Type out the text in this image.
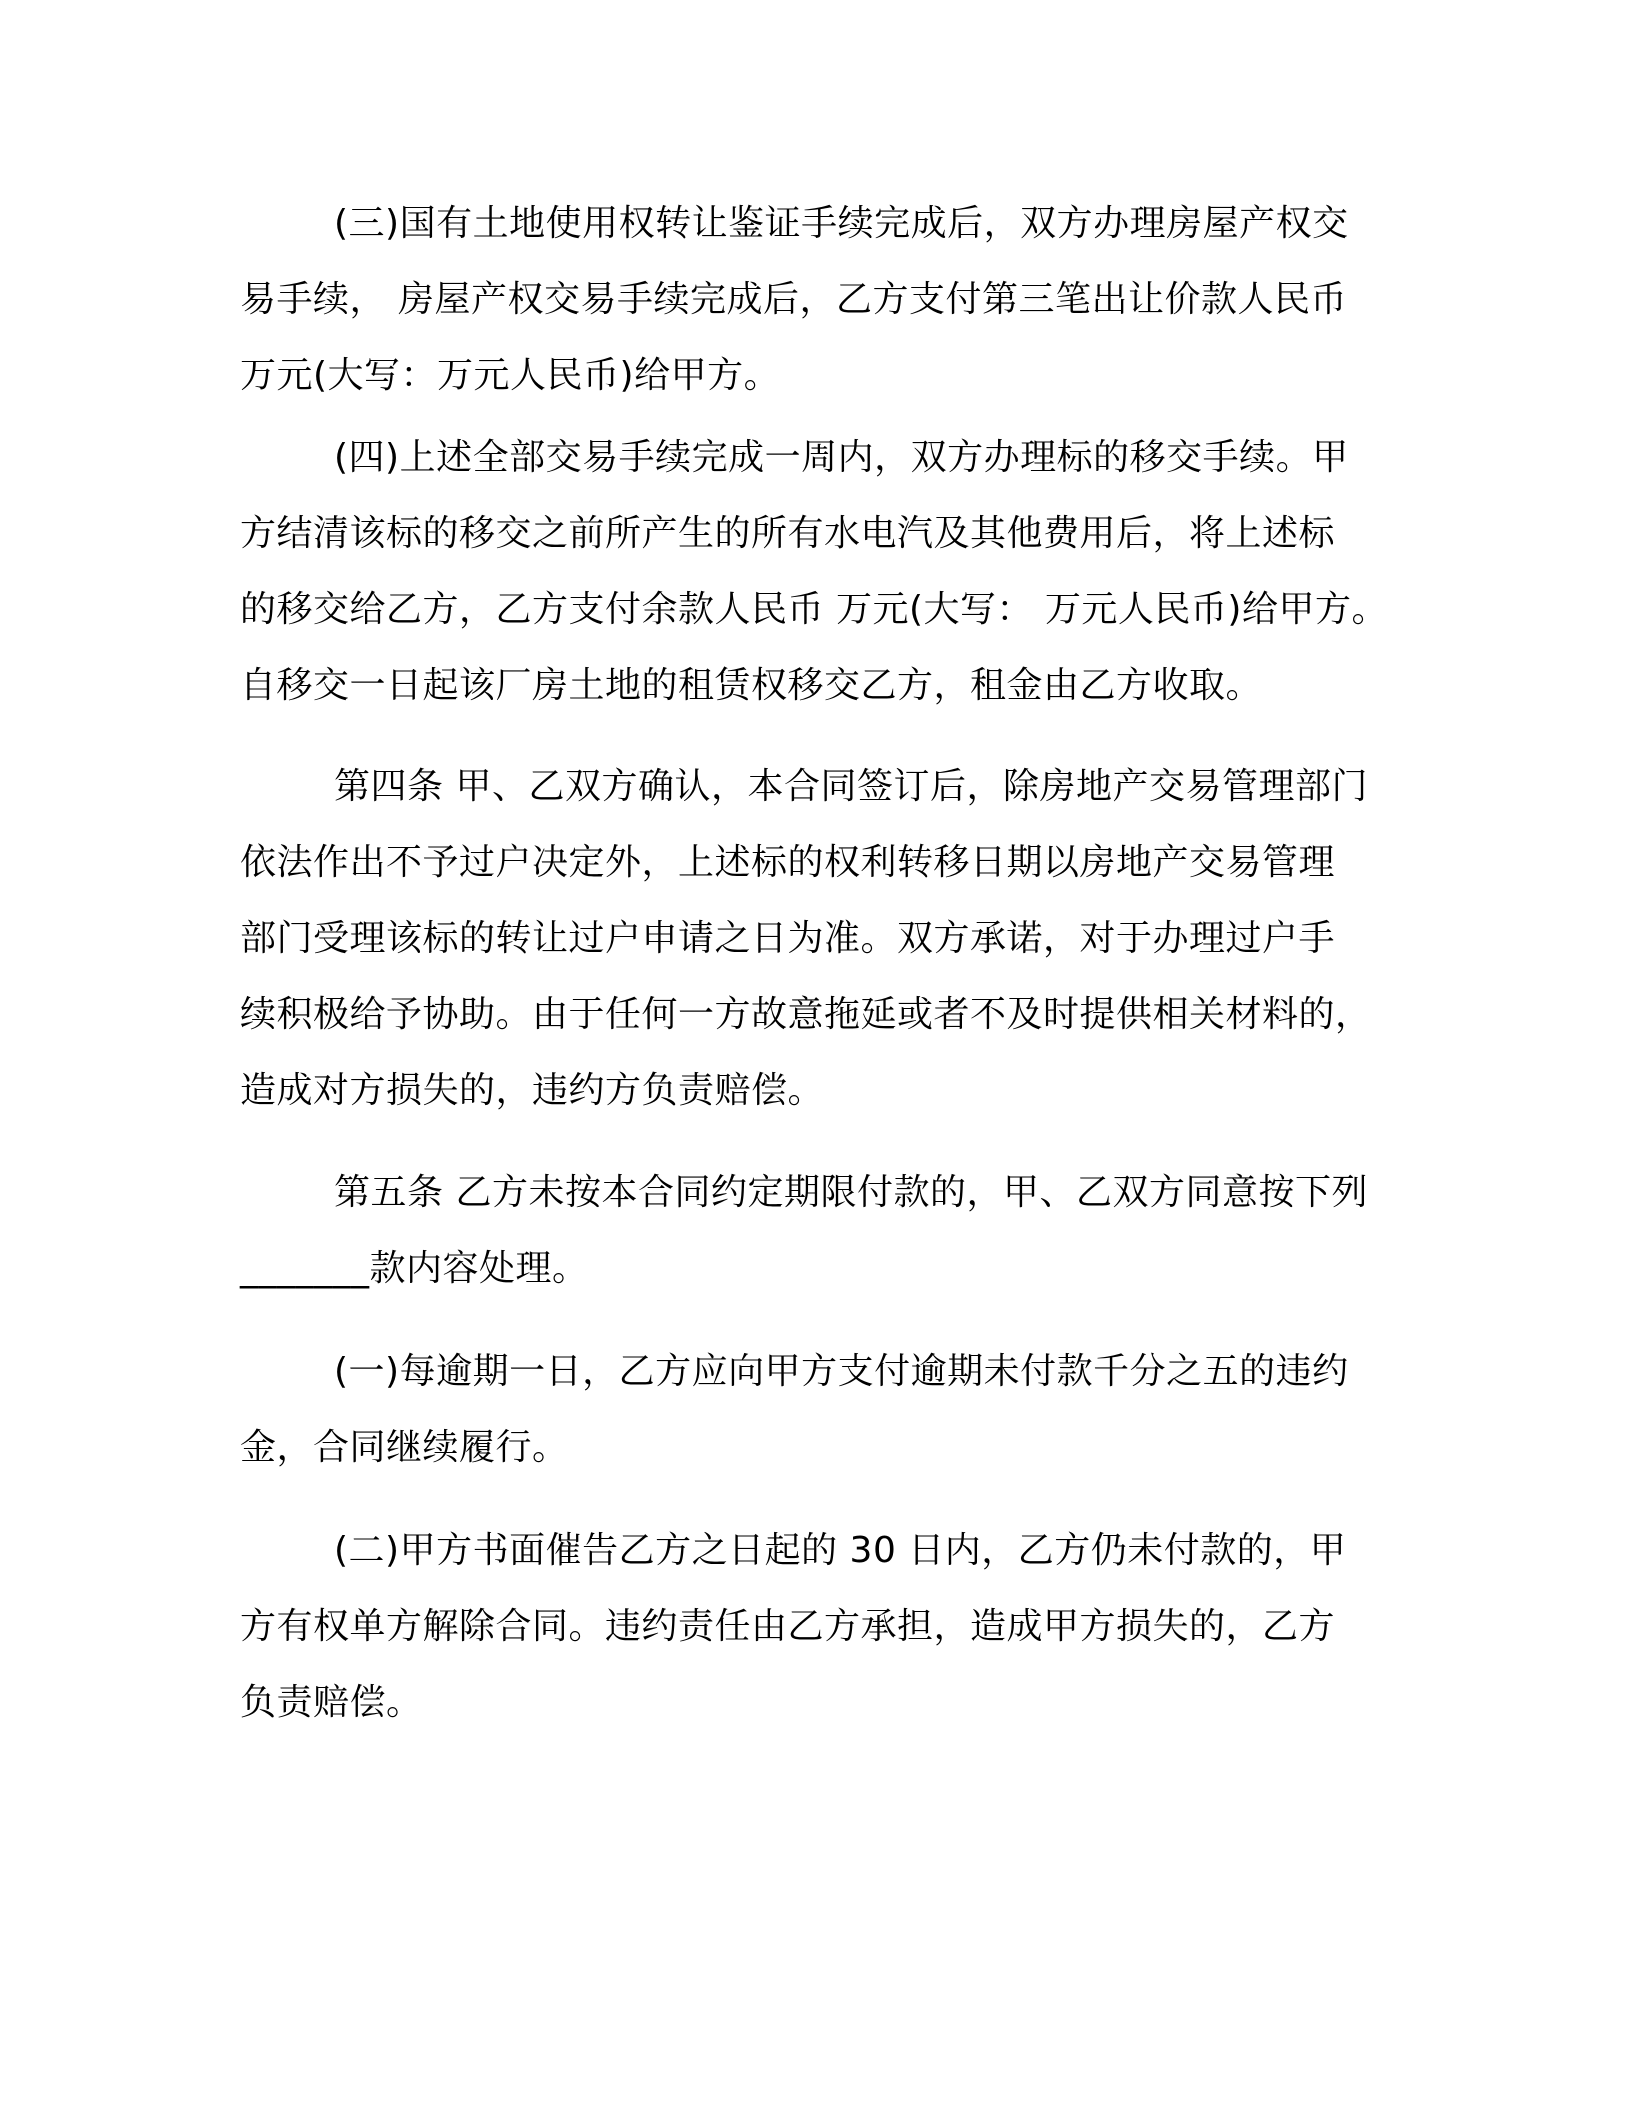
(三)国有土地使用权转让鉴证手续完成后，双方办理房屋产权交
易手续， 房屋产权交易手续完成后，乙方支付第三笔出让价款人民币
万元(大写：万元人民币)给甲方。
(四)上述全部交易手续完成一周内，双方办理标的移交手续。甲
方结清该标的移交之前所产生的所有水电汽及其他费用后，将上述标
的移交给乙方，乙方支付余款人民币 万元(大写： 万元人民币)给甲方。
自移交一日起该厂房土地的租赁权移交乙方，租金由乙方收取。
第四条 甲、乙双方确认，本合同签订后，除房地产交易管理部门
依法作出不予过户决定外，上述标的权利转移日期以房地产交易管理
部门受理该标的转让过户申请之日为准。双方承诺，对于办理过户手
续积极给予协助。由于任何一方故意拖延或者不及时提供相关材料的，
造成对方损失的，违约方负责赔偿。
第五条 乙方未按本合同约定期限付款的，甲、乙双方同意按下列
_______款内容处理。
(一)每逾期一日，乙方应向甲方支付逾期未付款千分之五的违约
金，合同继续履行。
(二)甲方书面催告乙方之日起的 30 日内，乙方仍未付款的，甲
方有权单方解除合同。违约责任由乙方承担，造成甲方损失的，乙方
负责赔偿。
